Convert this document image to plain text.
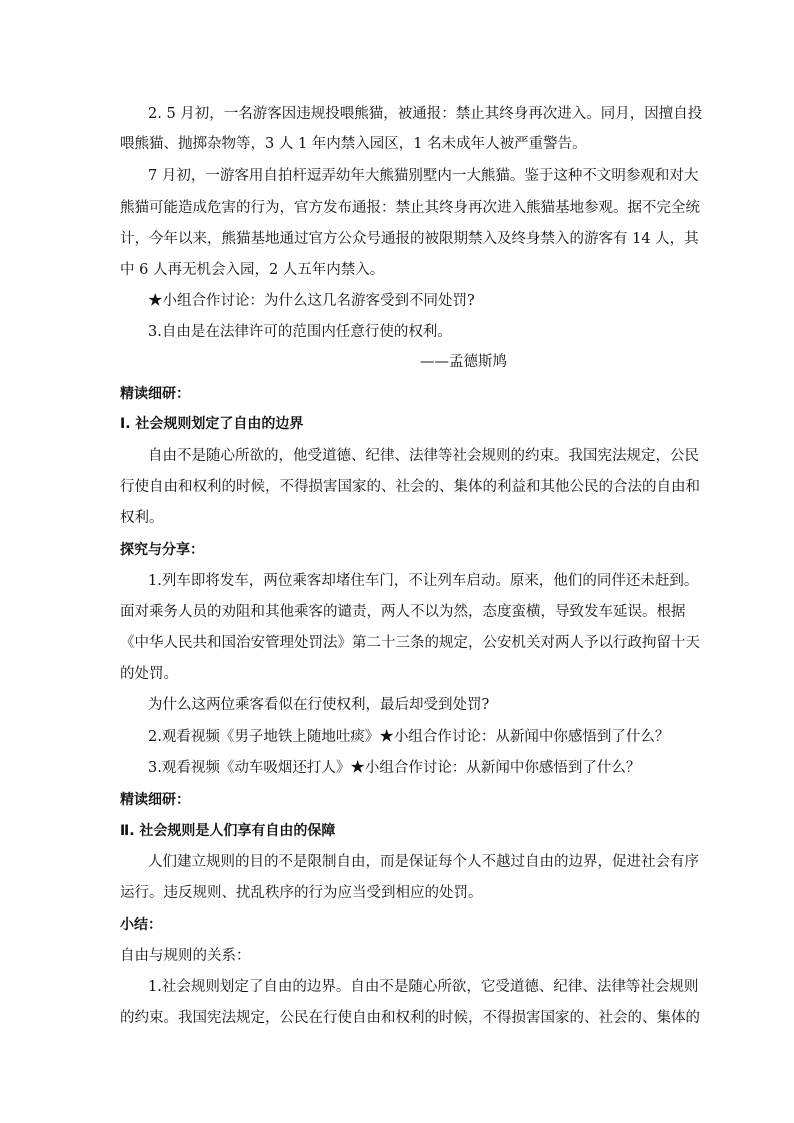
2. 5 月初，一名游客因违规投喂熊猫，被通报：禁止其终身再次进入。同月，因擅自投
喂熊猫、抛掷杂物等，3 人 1 年内禁入园区，1 名未成年人被严重警告。
7 月初，一游客用自拍杆逗弄幼年大熊猫别墅内一大熊猫。鉴于这种不文明参观和对大
熊猫可能造成危害的行为，官方发布通报：禁止其终身再次进入熊猫基地参观。据不完全统
计，今年以来，熊猫基地通过官方公众号通报的被限期禁入及终身禁入的游客有 14 人，其
中 6 人再无机会入园，2 人五年内禁入。
★小组合作讨论：为什么这几名游客受到不同处罚?
3.自由是在法律许可的范围内任意行使的权利。
——孟德斯鸠
精读细研：
Ⅰ. 社会规则划定了自由的边界
自由不是随心所欲的，他受道德、纪律、法律等社会规则的约束。我国宪法规定，公民
行使自由和权利的时候，不得损害国家的、社会的、集体的利益和其他公民的合法的自由和
权利。
探究与分享：
1.列车即将发车，两位乘客却堵住车门，不让列车启动。原来，他们的同伴还未赶到。
面对乘务人员的劝阻和其他乘客的谴责，两人不以为然，态度蛮横，导致发车延误。根据
《中华人民共和国治安管理处罚法》第二十三条的规定，公安机关对两人予以行政拘留十天
的处罚。
为什么这两位乘客看似在行使权利，最后却受到处罚?
2.观看视频《男子地铁上随地吐痰》★小组合作讨论：从新闻中你感悟到了什么？
3.观看视频《动车吸烟还打人》★小组合作讨论：从新闻中你感悟到了什么？
精读细研：
Ⅱ. 社会规则是人们享有自由的保障
人们建立规则的目的不是限制自由，而是保证每个人不越过自由的边界，促进社会有序
运行。违反规则、扰乱秩序的行为应当受到相应的处罚。
小结：
自由与规则的关系：
1.社会规则划定了自由的边界。自由不是随心所欲，它受道德、纪律、法律等社会规则
的约束。我国宪法规定，公民在行使自由和权利的时候，不得损害国家的、社会的、集体的
